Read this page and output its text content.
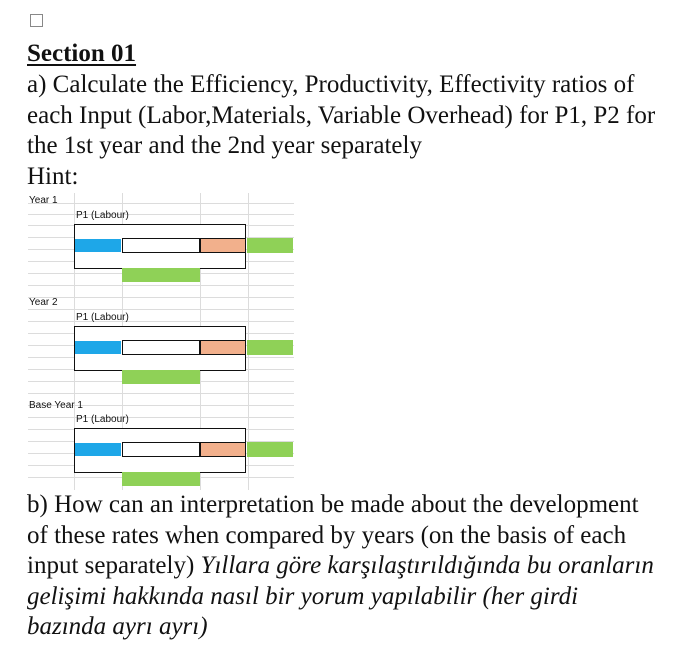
Section 01
a) Calculate the Efficiency, Productivity, Effectivity ratios of
each Input (Labor,Materials, Variable Overhead) for P1, P2 for
the 1st year and the 2nd year separately
Hint:
Year 1
P1 (Labour)
Year 2
P1 (Labour)
Base Year 1
P1 (Labour)
b) How can an interpretation be made about the development
of these rates when compared by years (on the basis of each
input separately) Yıllara göre karşılaştırıldığında bu oranların
gelişimi hakkında nasıl bir yorum yapılabilir (her girdi
bazında ayrı ayrı)
